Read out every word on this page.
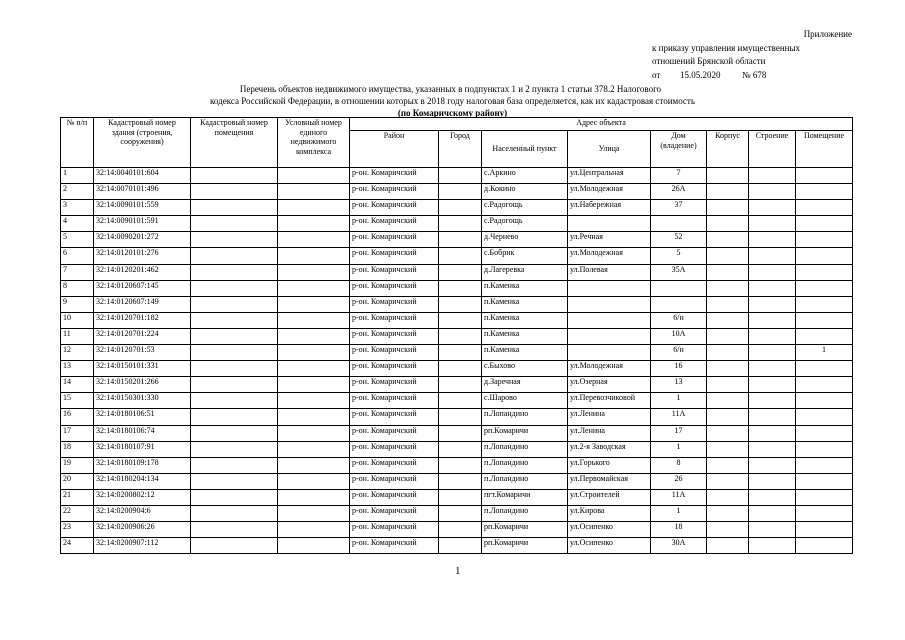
Приложение
к приказу управления имущественных
отношений Брянской области
от	15.05.2020	№ 678
Перечень объектов недвижимого имущества, указанных в подпунктах 1 и 2 пункта 1 статьи 378.2 Налогового
кодекса Российской Федерации, в отношении которых в 2018 году налоговая база определяется, как их кадастровая стоимость
(по Комаричскому району)
№ п/п	Кадастровый номер здания (строения, сооружения)	Кадастровый номер помещения	Условный номер единого недвижимого комплекса	Адрес объекта							
				Район	Город	Населенный пункт	Улица	Дом (владение)	Корпус	Строение	Помещение
1	32:14:0040101:604			р-он. Комаричский		с.Аркино	ул.Центральная	7			
2	32:14:0070101:496			р-он. Комаричский		д.Кокино	ул.Молодежная	26А			
3	32:14:0090101:559			р-он. Комаричский		с.Радогощь	ул.Набережная	37			
4	32:14:0090101:591			р-он. Комаричский		с.Радогощь					
5	32:14:0090201:272			р-он. Комаричский		д.Чернево	ул.Речная	52			
6	32:14:0120101:276			р-он. Комаричский		с.Бобрик	ул.Молодежная	5			
7	32:14:0120201:462			р-он. Комаричский		д.Лагеревка	ул.Полевая	35А			
8	32:14:0120607:145			р-он. Комаричский		п.Каменка					
9	32:14:0120607:149			р-он. Комаричский		п.Каменка					
10	32:14:0120701:182			р-он. Комаричский		п.Каменка		6/н			
11	32:14:0120701:224			р-он. Комаричский		п.Каменка		10А			
12	32:14:0120701:53			р-он. Комаричский		п.Каменка		6/н			1
13	32:14:0150101:331			р-он. Комаричский		с.Быхово	ул.Молодежная	16			
14	32:14:0150201:266			р-он. Комаричский		д.Заречная	ул.Озерная	13			
15	32:14:0150301:330			р-он. Комаричский		с.Шарово	ул.Перевозчиковой	1			
16	32:14:0180106:51			р-он. Комаричский		п.Лопандино	ул.Ленина	11А			
17	32:14:0180106:74			р-он. Комаричский		рп.Комаричи	ул.Ленина	17			
18	32:14:0180107:91			р-он. Комаричский		п.Лопандино	ул.2-я Заводская	1			
19	32:14:0180109:178			р-он. Комаричский		п.Лопандино	ул.Горького	8			
20	32:14:0180204:134			р-он. Комаричский		п.Лопандино	ул.Первомайская	26			
21	32:14:0200802:12			р-он. Комаричский		пгт.Комаричи	ул.Строителей	11А			
22	32:14:0200904:6			р-он. Комаричский		п.Лопандино	ул.Кирова	1			
23	32:14:0200906:26			р-он. Комаричский		рп.Комаричи	ул.Осипенко	18			
24	32:14:0200907:112			р-он. Комаричский		рп.Комаричи	ул.Осипенко	30А			
1
